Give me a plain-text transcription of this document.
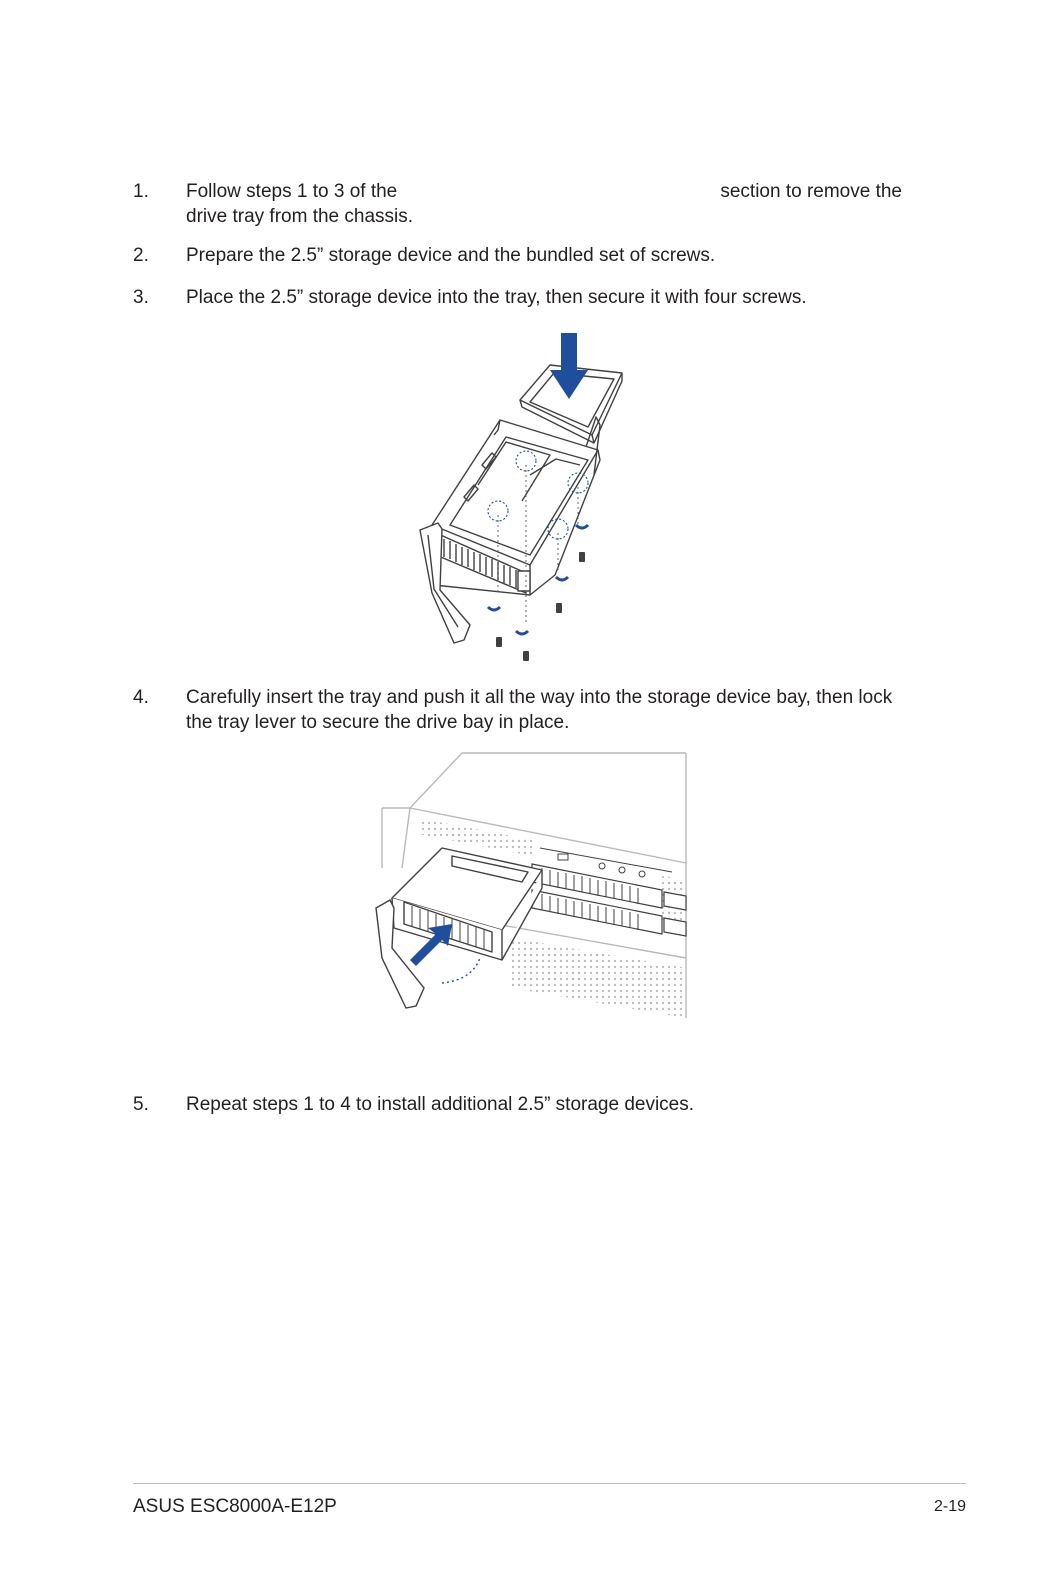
1. Follow steps 1 to 3 of the	section to remove the
drive tray from the chassis.
2. Prepare the 2.5” storage device and the bundled set of screws.
3. Place the 2.5” storage device into the tray, then secure it with four screws.
4. Carefully insert the tray and push it all the way into the storage device bay, then lock
the tray lever to secure the drive bay in place.
5. Repeat steps 1 to 4 to install additional 2.5” storage devices.
ASUS ESC8000A-E12P	2-19
